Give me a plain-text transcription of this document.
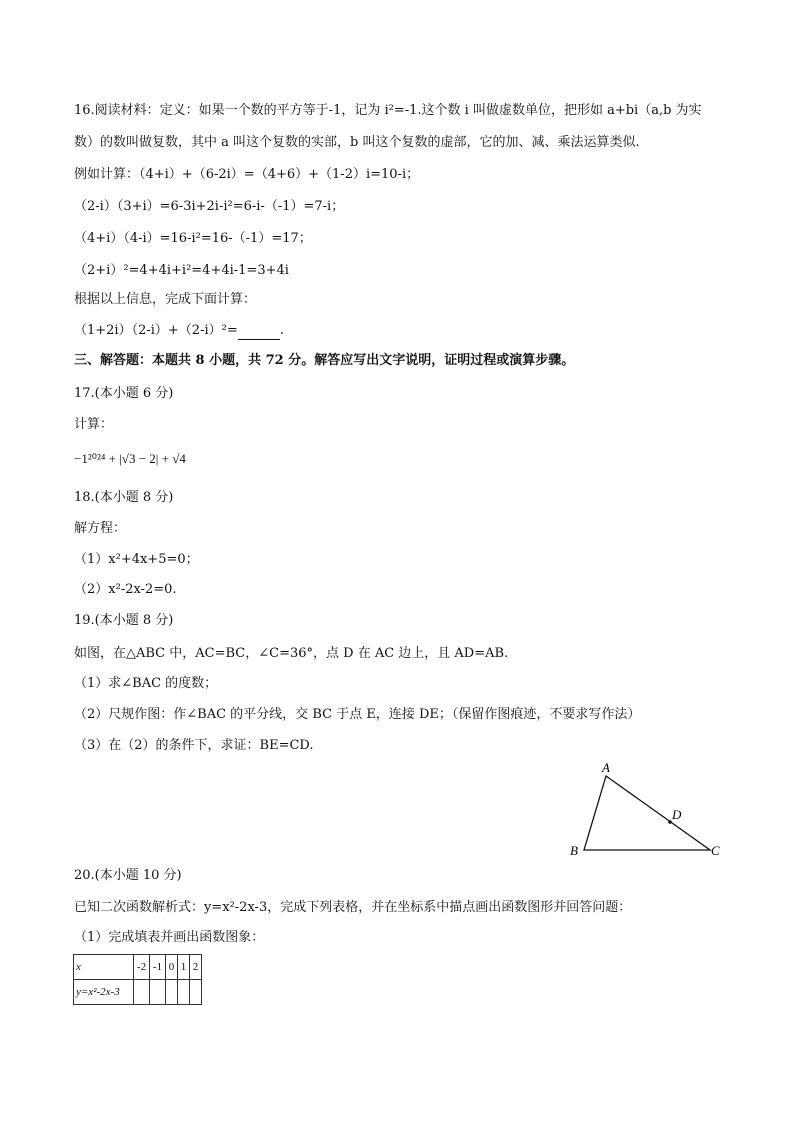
16.阅读材料：定义：如果一个数的平方等于-1，记为 i²=-1.这个数 i 叫做虚数单位，把形如 a+bi（a,b 为实
数）的数叫做复数，其中 a 叫这个复数的实部，b 叫这个复数的虚部，它的加、减、乘法运算类似.
例如计算：（4+i）+（6-2i）=（4+6）+（1-2）i=10-i；
（2-i）（3+i）=6-3i+2i-i²=6-i-（-1）=7-i；
（4+i）（4-i）=16-i²=16-（-1）=17；
（2+i）²=4+4i+i²=4+4i-1=3+4i
根据以上信息，完成下面计算：
（1+2i）（2-i）+（2-i）²=	.
三、解答题：本题共 8 小题，共 72 分。解答应写出文字说明，证明过程或演算步骤。
17.(本小题 6 分)
计算：
−1²⁰²⁴ + |√3 − 2| + √4
18.(本小题 8 分)
解方程：
（1）x²+4x+5=0；
（2）x²-2x-2=0.
19.(本小题 8 分)
如图，在△ABC 中，AC=BC，∠C=36°，点 D 在 AC 边上，且 AD=AB.
（1）求∠BAC 的度数；
（2）尺规作图：作∠BAC 的平分线，交 BC 于点 E，连接 DE；（保留作图痕迹，不要求写作法）
（3）在（2）的条件下，求证：BE=CD.
A
B	C
D
20.(本小题 10 分)
已知二次函数解析式：y=x²-2x-3，完成下列表格，并在坐标系中描点画出函数图形并回答问题：
（1）完成填表并画出函数图象：
x	-2	-1	0	1	2
y=x²-2x-3					
